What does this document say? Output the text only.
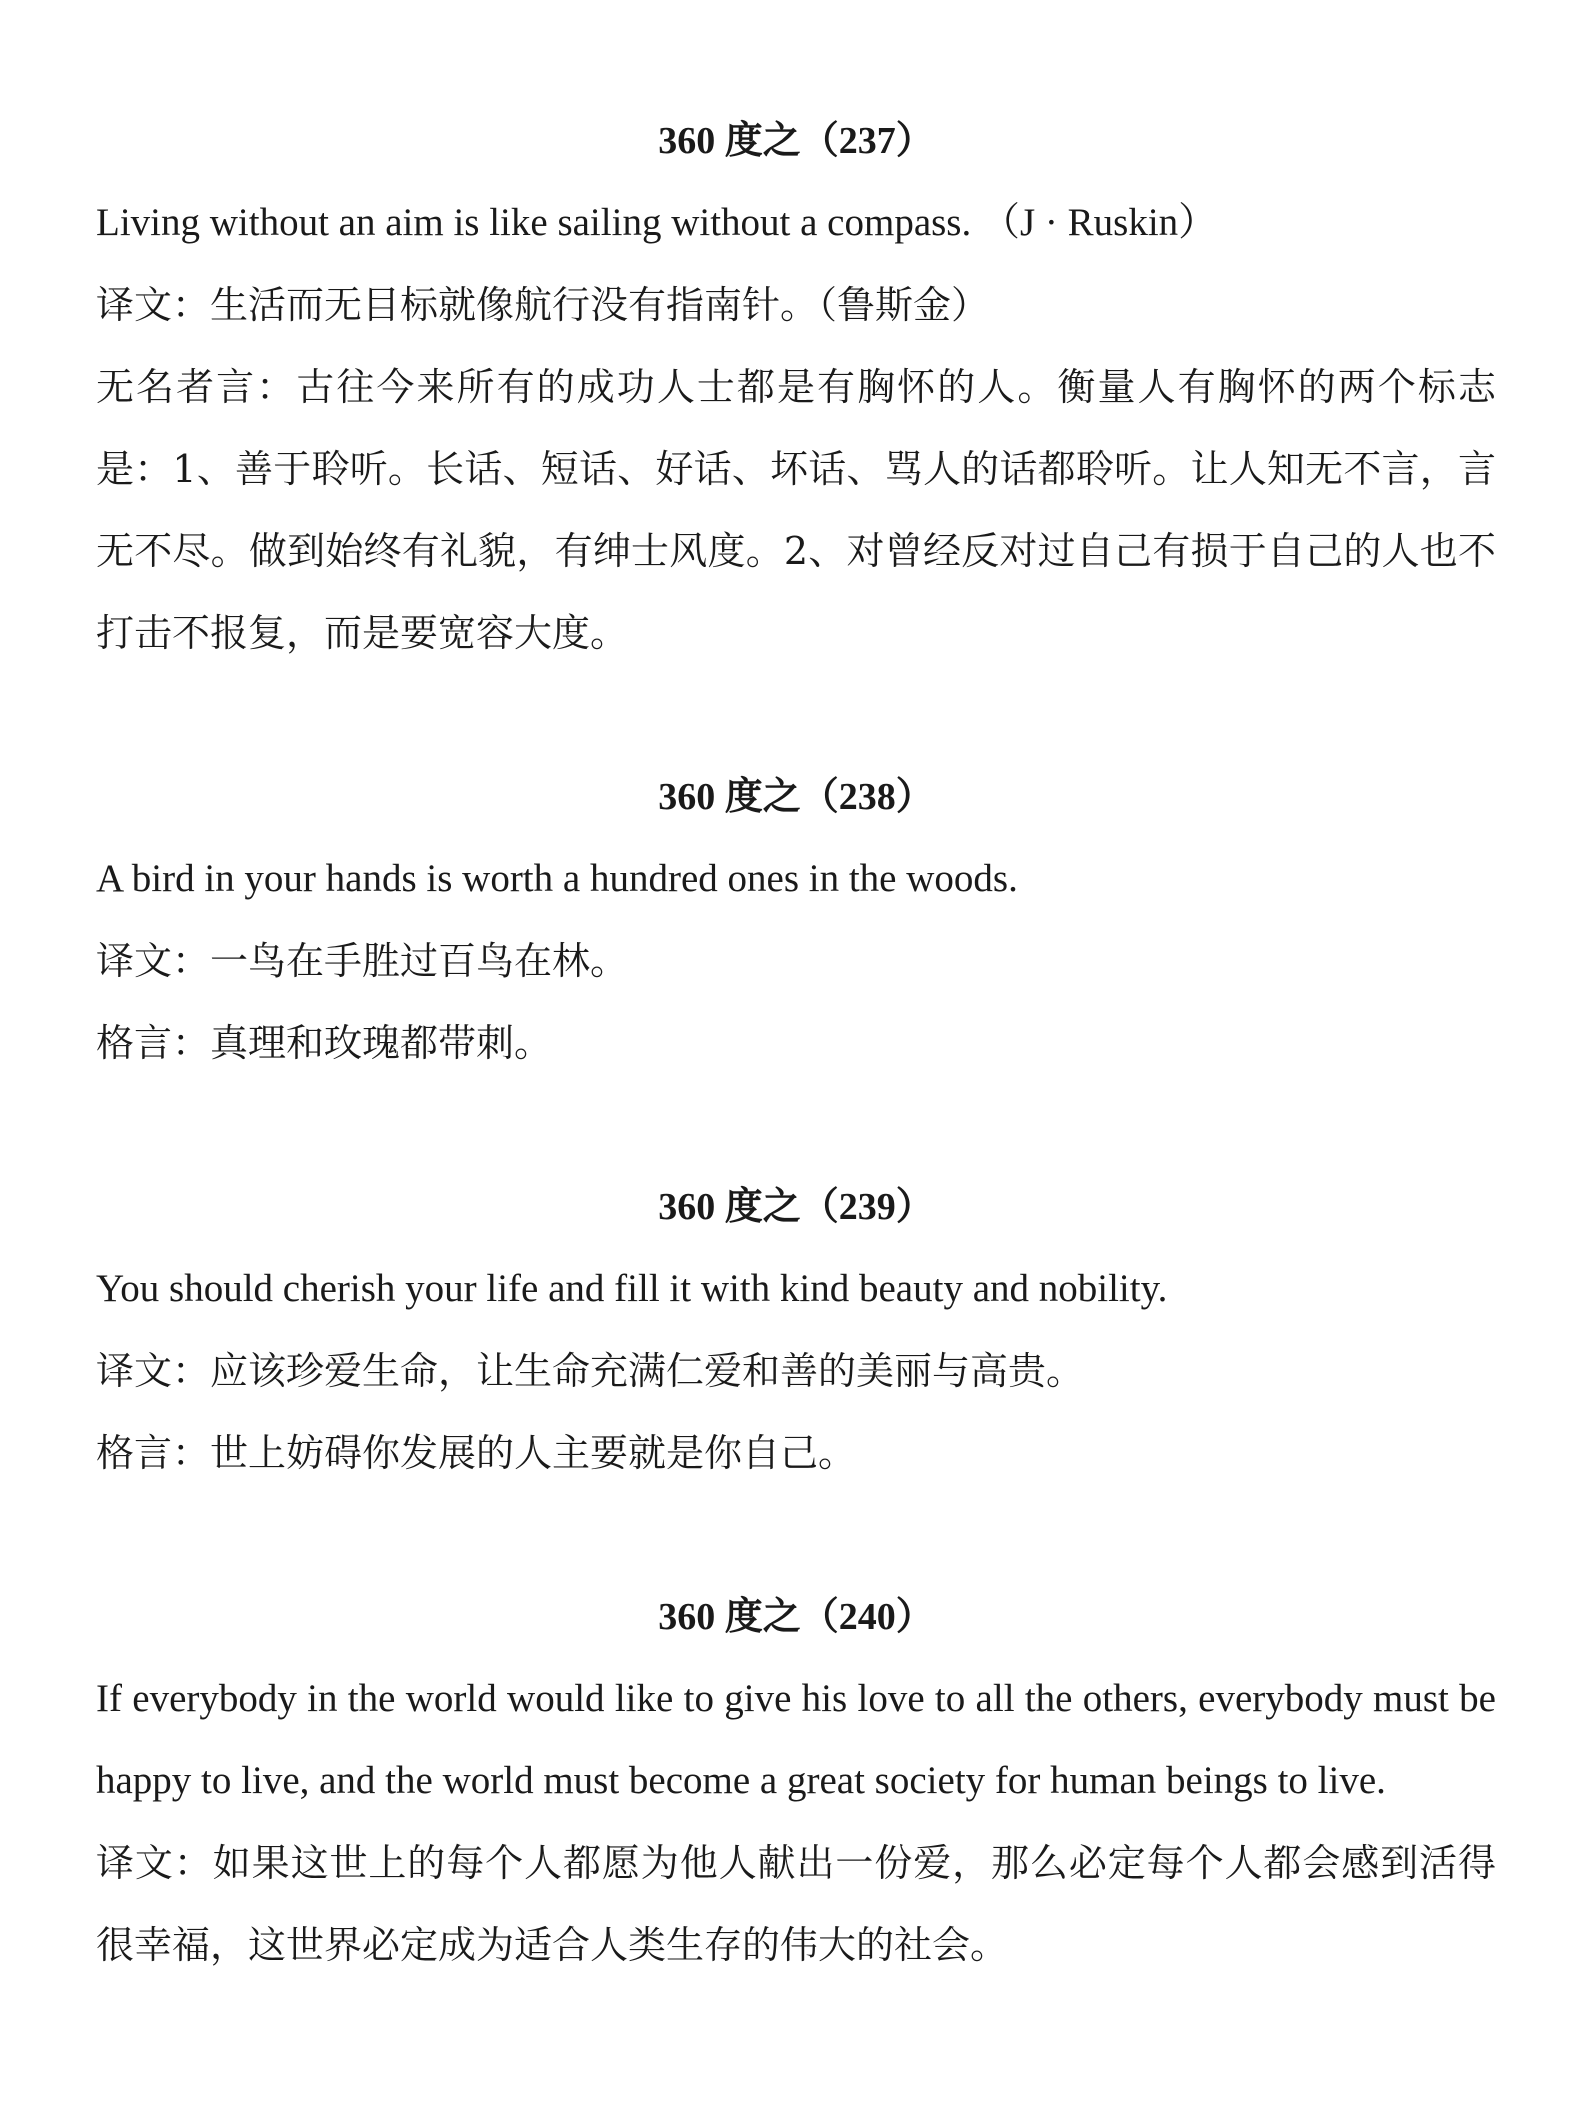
360 度之（237）

Living without an aim is like sailing without a compass. （J · Ruskin）

译文：生活而无目标就像航行没有指南针。（鲁斯金）

无名者言：古往今来所有的成功人士都是有胸怀的人。衡量人有胸怀的两个标志是：1、善于聆听。长话、短话、好话、坏话、骂人的话都聆听。让人知无不言，言无不尽。做到始终有礼貌，有绅士风度。2、对曾经反对过自己有损于自己的人也不打击不报复，而是要宽容大度。

360 度之（238）

A bird in your hands is worth a hundred ones in the woods.

译文：一鸟在手胜过百鸟在林。

格言：真理和玫瑰都带刺。

360 度之（239）

You should cherish your life and fill it with kind beauty and nobility.

译文：应该珍爱生命，让生命充满仁爱和善的美丽与高贵。

格言：世上妨碍你发展的人主要就是你自己。

360 度之（240）

If everybody in the world would like to give his love to all the others, everybody must be happy to live, and the world must become a great society for human beings to live.

译文：如果这世上的每个人都愿为他人献出一份爱，那么必定每个人都会感到活得很幸福，这世界必定成为适合人类生存的伟大的社会。
